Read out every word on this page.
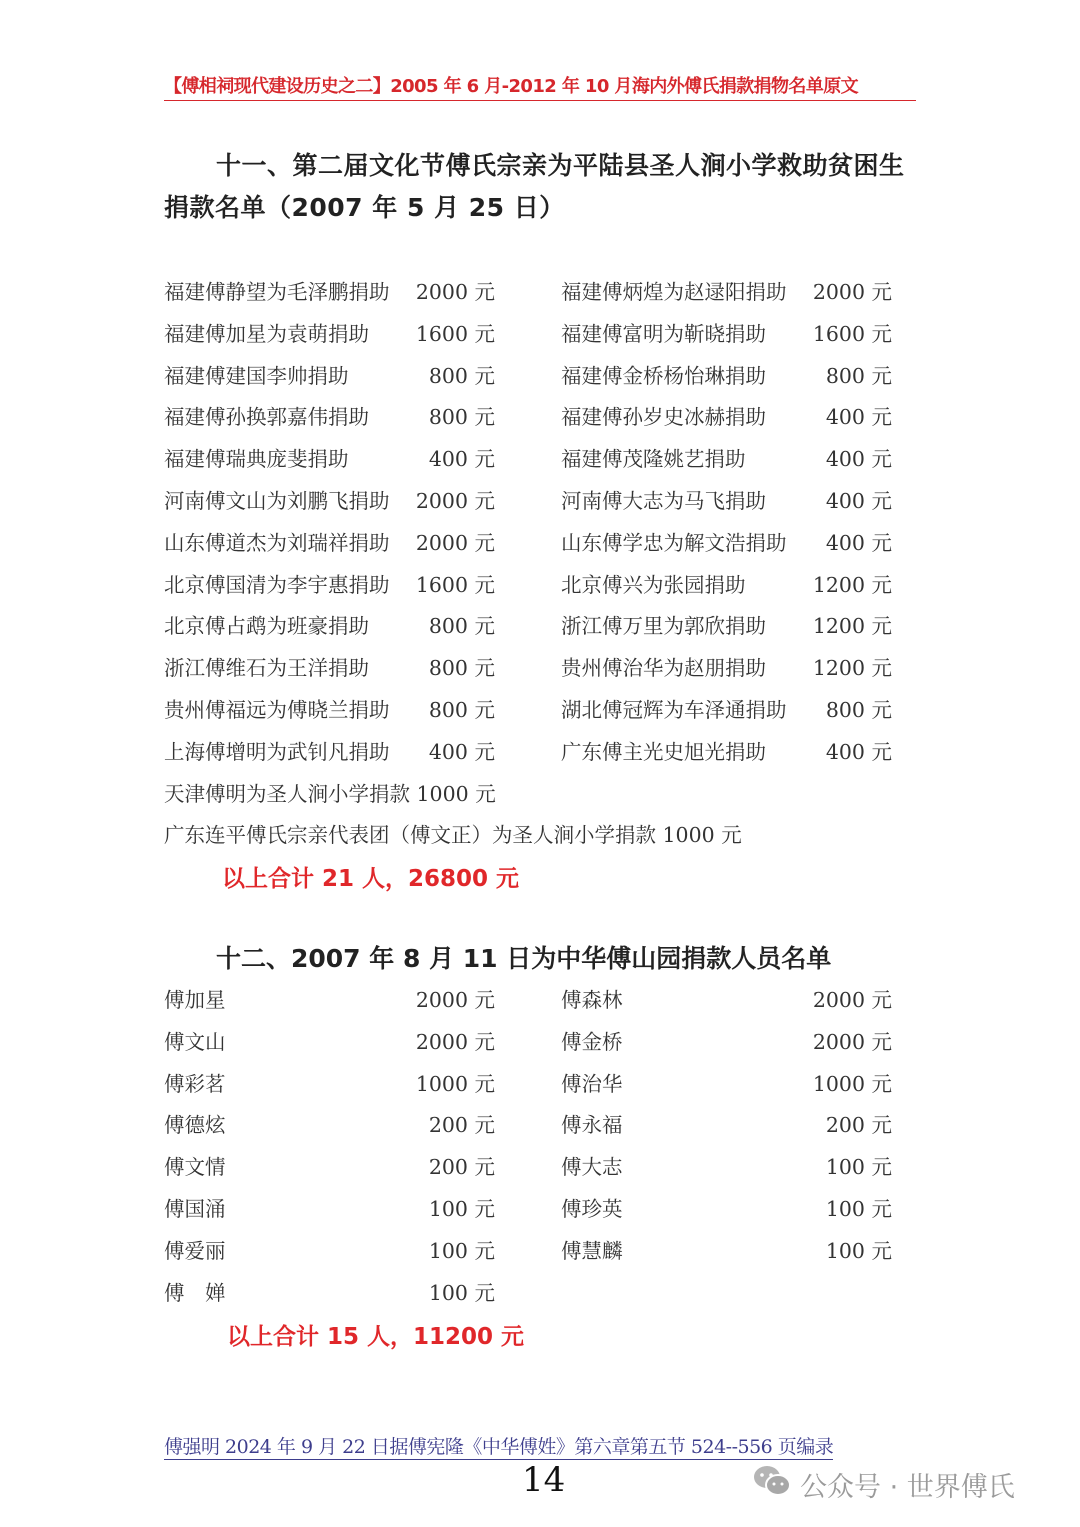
【傅相祠现代建设历史之二】2005 年 6 月-2012 年 10 月海内外傅氏捐款捐物名单原文
十一、第二届文化节傅氏宗亲为平陆县圣人涧小学救助贫困生捐款名单（2007 年 5 月 25 日）
福建傅静望为毛泽鹏捐助 2000 元	福建傅炳煌为赵逯阳捐助 2000 元
福建傅加星为袁萌捐助 1600 元	福建傅富明为靳晓捐助 1600 元
福建傅建国李帅捐助	800 元	福建傅金桥杨怡琳捐助	800 元
福建傅孙换郭嘉伟捐助	800 元	福建傅孙岁史冰赫捐助	400 元
福建傅瑞典庞斐捐助	400 元	福建傅茂隆姚艺捐助	400 元
河南傅文山为刘鹏飞捐助 2000 元	河南傅大志为马飞捐助	400 元
山东傅道杰为刘瑞祥捐助 2000 元	山东傅学忠为解文浩捐助 400 元
北京傅国清为李宇惠捐助 1600 元	北京傅兴为张园捐助	1200 元
北京傅占鹉为班豪捐助	800 元	浙江傅万里为郭欣捐助 1200 元
浙江傅维石为王洋捐助	800 元	贵州傅治华为赵朋捐助 1200 元
贵州傅福远为傅晓兰捐助 800 元	湖北傅冠辉为车泽通捐助 800 元
上海傅增明为武钊凡捐助 400 元	广东傅主光史旭光捐助	400 元
天津傅明为圣人涧小学捐款 1000 元
广东连平傅氏宗亲代表团（傅文正）为圣人涧小学捐款 1000 元
以上合计 21 人，26800 元
十二、2007 年 8 月 11 日为中华傅山园捐款人员名单
傅加星	2000 元	傅森林	2000 元
傅文山	2000 元	傅金桥	2000 元
傅彩茗	1000 元	傅治华	1000 元
傅德炫	200 元	傅永福	200 元
傅文情	200 元	傅大志	100 元
傅国涌	100 元	傅珍英	100 元
傅爱丽	100 元	傅慧麟	100 元
傅　婵	100 元
以上合计 15 人，11200 元
傅强明 2024 年 9 月 22 日据傅宪隆《中华傅姓》第六章第五节 524--556 页编录
14	公众号 · 世界傅氏
